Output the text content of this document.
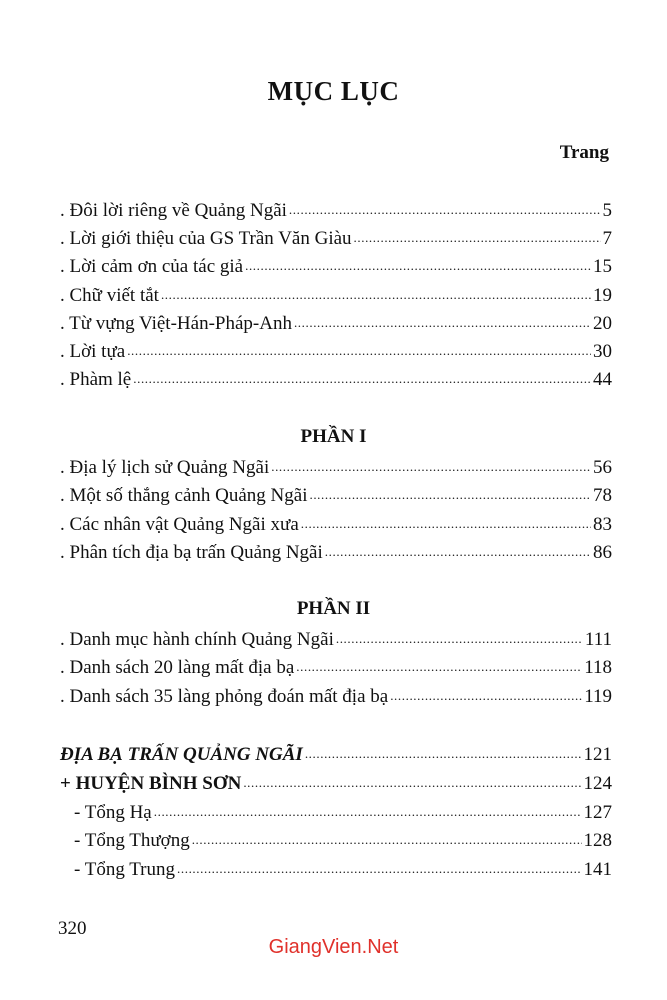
MỤC LỤC
Trang
. Đôi lời riêng về Quảng Ngãi .....	5
. Lời giới thiệu của GS Trần Văn Giàu .....	7
. Lời cảm ơn của tác giả .....	15
. Chữ viết tắt .....	19
. Từ vựng Việt-Hán-Pháp-Anh .....	20
. Lời tựa .....	30
. Phàm lệ .....	44
PHẦN I
. Địa lý lịch sử Quảng Ngãi .....	56
. Một số thắng cảnh Quảng Ngãi .....	78
. Các nhân vật Quảng Ngãi xưa .....	83
. Phân tích địa bạ trấn Quảng Ngãi .....	86
PHẦN II
. Danh mục hành chính Quảng Ngãi .....	111
. Danh sách 20 làng mất địa bạ .....	118
. Danh sách 35 làng phỏng đoán mất địa bạ .....	119
ĐỊA BẠ TRẤN QUẢNG NGÃI .....	121
+ HUYỆN BÌNH SƠN .....	124
- Tổng Hạ .....	127
- Tổng Thượng .....	128
- Tổng Trung .....	141
320
GiangVien.Net
